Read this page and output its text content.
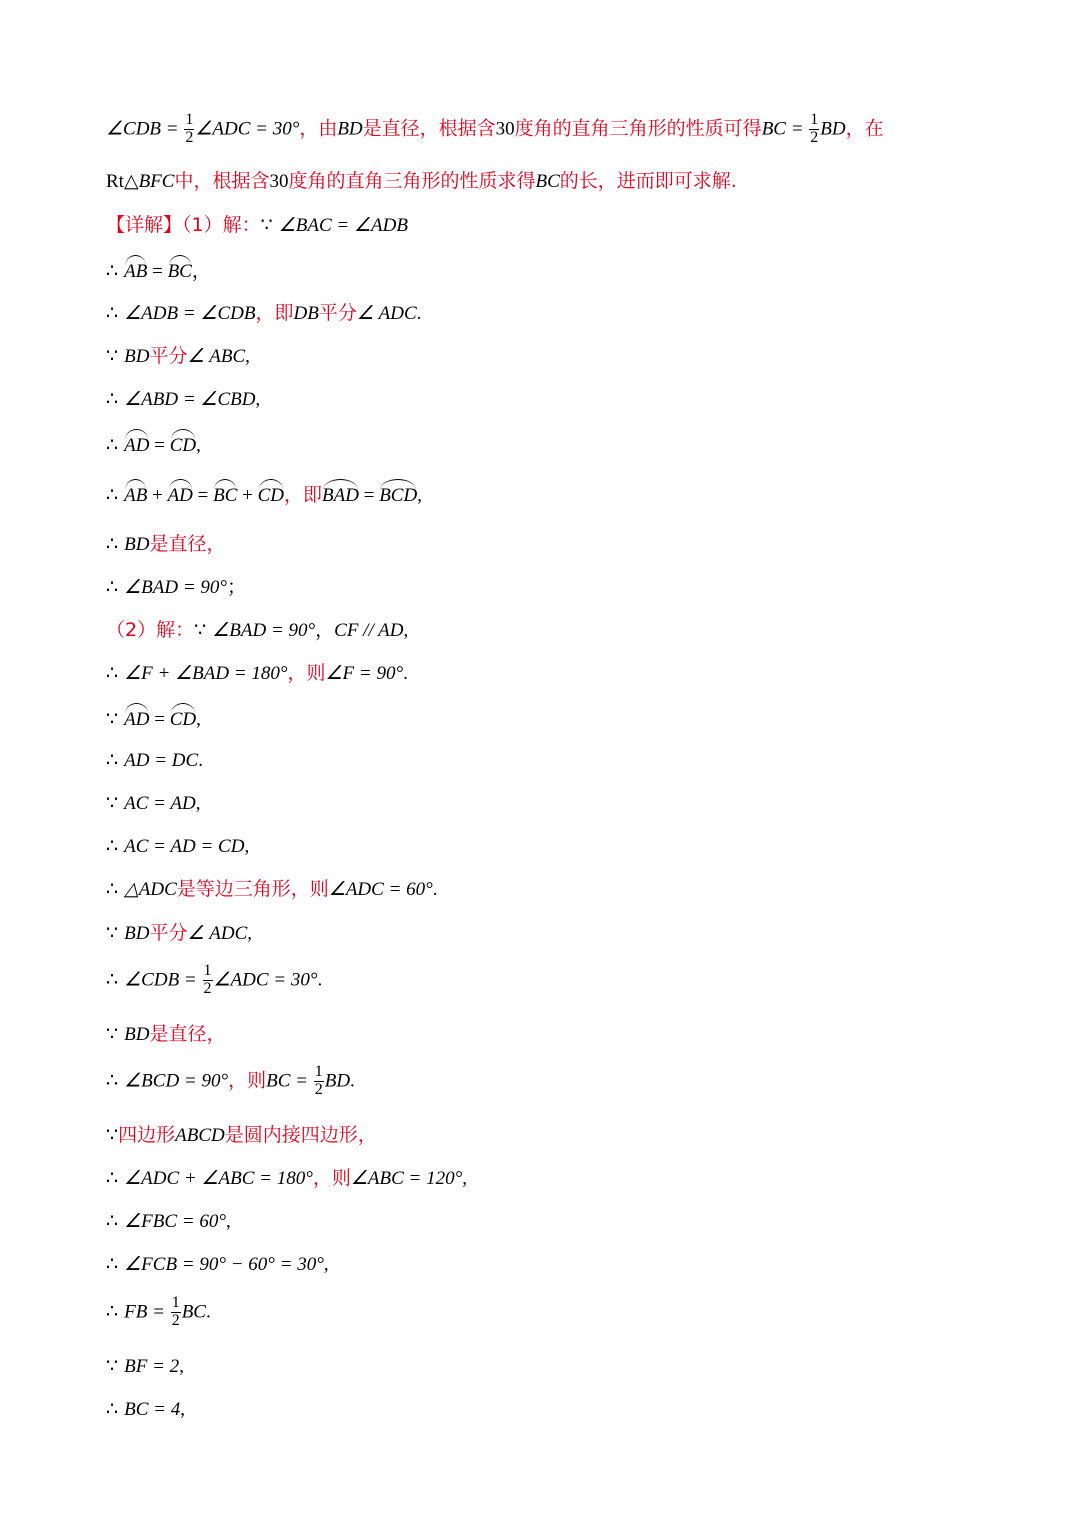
∠CDB = $\frac{1}{2}$ ∠ADC = 30°，由BD是直径，根据含30度角的直角三角形的性质可得BC = $\frac{1}{2}$ BD，在
Rt△BFC中，根据含30度角的直角三角形的性质求得BC的长，进而即可求解.
【详解】（1）解：∵ ∠BAC = ∠ADB
∴ AB = BC，
∴ ∠ADB = ∠CDB，即DB平分∠ ADC.
∵ BD平分∠ ABC,
∴ ∠ABD = ∠CBD,
∴ AD = CD,
∴ AB + AD = BC + CD，即BAD = BCD,
∴ BD是直径，
∴ ∠BAD = 90°；
（2）解：∵ ∠BAD = 90°，CF // AD,
∴ ∠F + ∠BAD = 180°，则∠F = 90°.
∵ AD = CD,
∴ AD = DC.
∵ AC = AD,
∴ AC = AD = CD,
∴ △ADC是等边三角形，则∠ADC = 60°.
∵ BD平分∠ ADC,
∴ ∠CDB = $\frac{1}{2}$ ∠ADC = 30°.
∵ BD是直径，
∴ ∠BCD = 90°，则BC = $\frac{1}{2}$ BD.
∵四边形ABCD是圆内接四边形，
∴ ∠ADC + ∠ABC = 180°，则∠ABC = 120°,
∴ ∠FBC = 60°,
∴ ∠FCB = 90° − 60° = 30°,
∴ FB = $\frac{1}{2}$ BC.
∵ BF = 2,
∴ BC = 4,
